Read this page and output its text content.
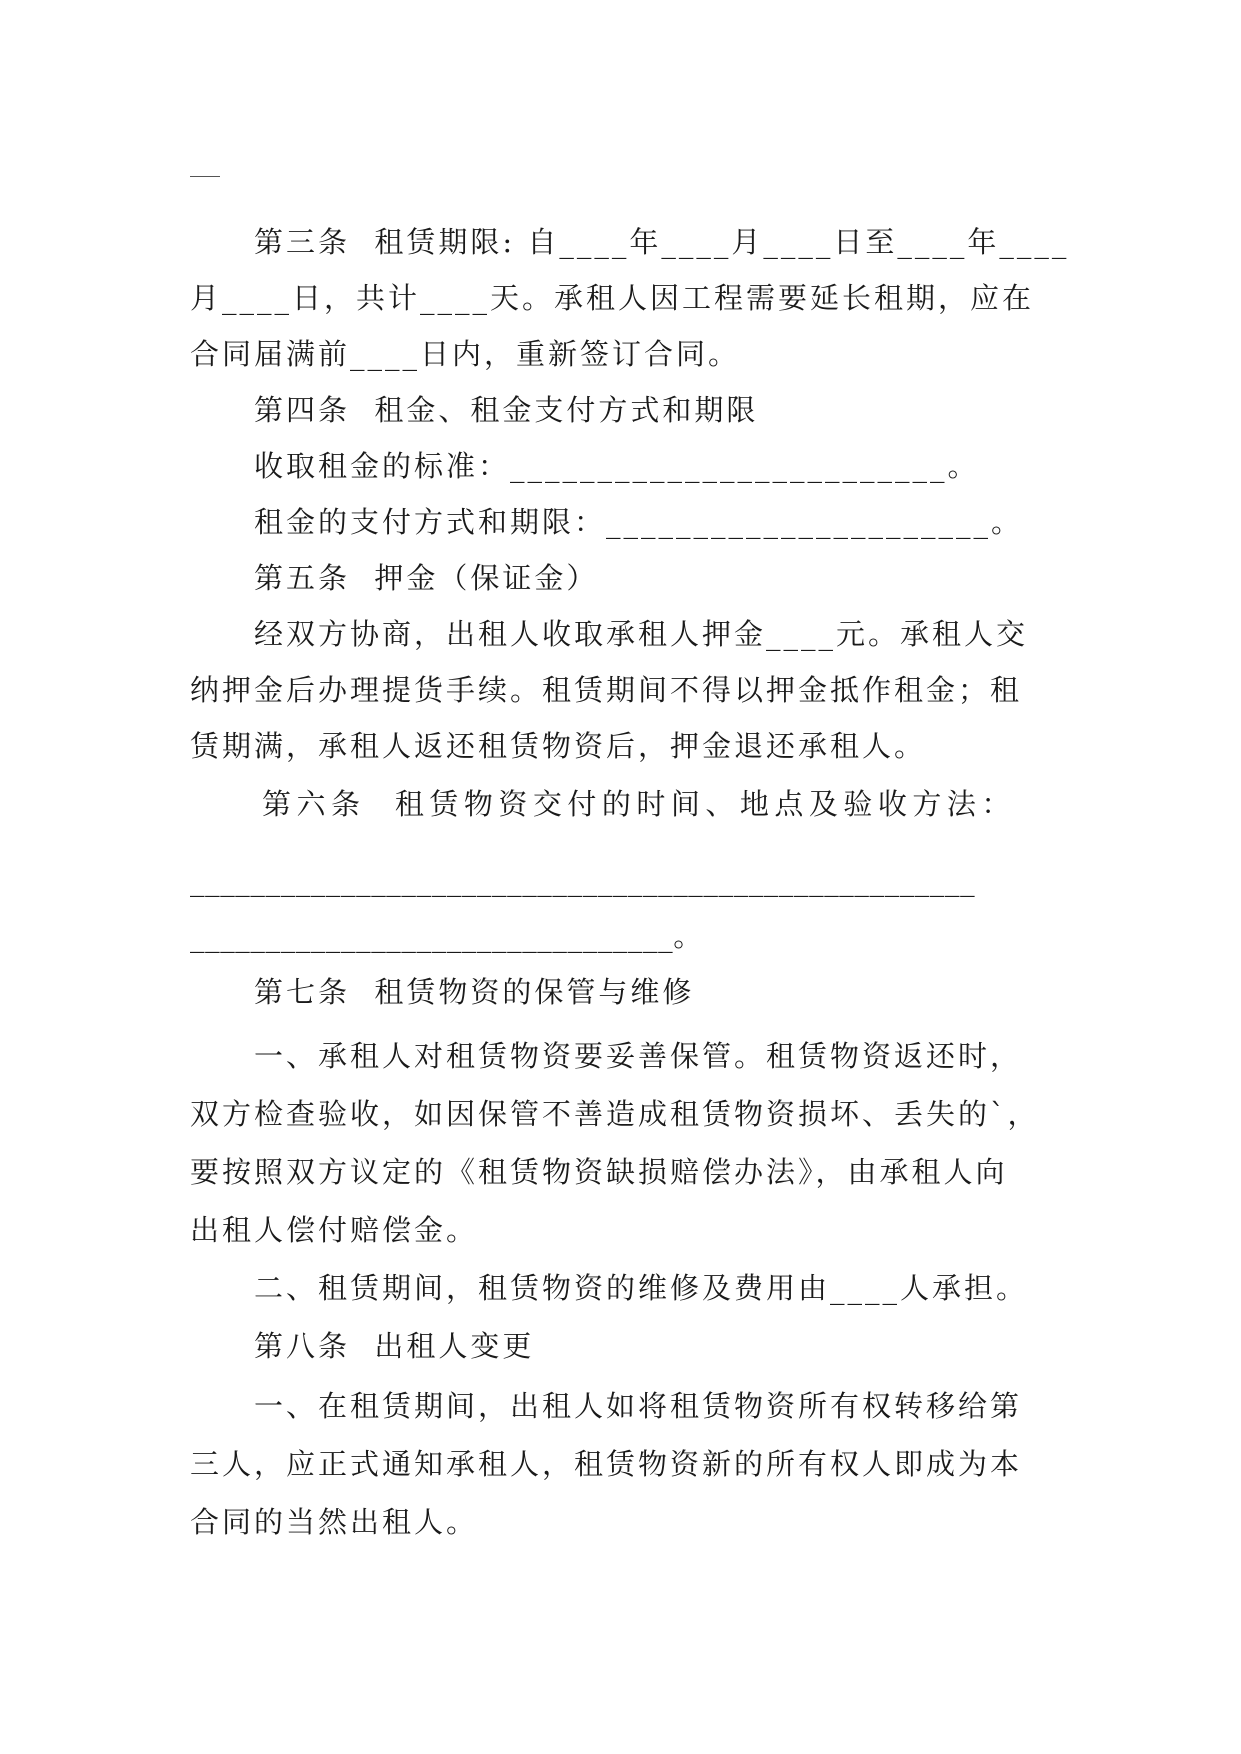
第三条  租赁期限: 自____年____月____日至____年____
月____日，共计____天。承租人因工程需要延长租期，应在
合同届满前____日内，重新签订合同。
第四条  租金、租金支付方式和期限
收取租金的标准：_________________________。
租金的支付方式和期限：______________________。
第五条  押金（保证金）
经双方协商，出租人收取承租人押金____元。承租人交
纳押金后办理提货手续。租赁期间不得以押金抵作租金；租
赁期满，承租人返还租赁物资后，押金退还承租人。
第六条  租赁物资交付的时间、地点及验收方法：
____________________________________________________
________________________________。
第七条  租赁物资的保管与维修
一、承租人对租赁物资要妥善保管。租赁物资返还时，
双方检查验收，如因保管不善造成租赁物资损坏、丢失的`，
要按照双方议定的《租赁物资缺损赔偿办法》，由承租人向
出租人偿付赔偿金。
二、租赁期间，租赁物资的维修及费用由____人承担。
第八条  出租人变更
一、在租赁期间，出租人如将租赁物资所有权转移给第
三人，应正式通知承租人，租赁物资新的所有权人即成为本
合同的当然出租人。
